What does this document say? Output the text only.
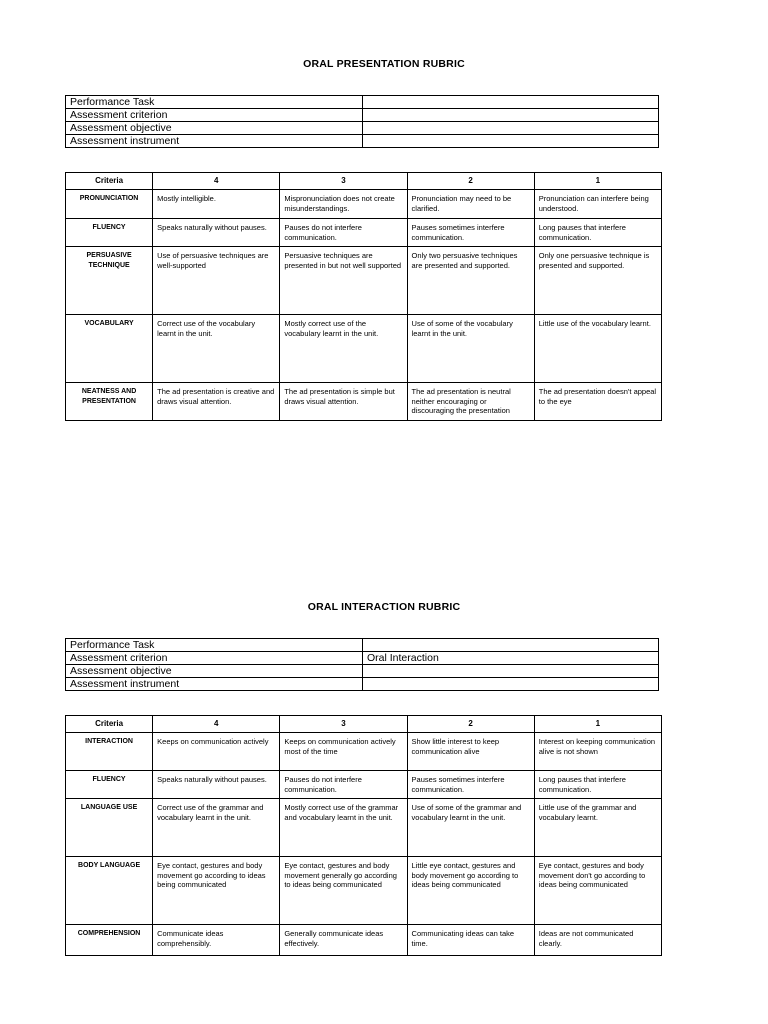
ORAL PRESENTATION RUBRIC
Performance Task	
Assessment criterion	
Assessment objective	
Assessment instrument	
Criteria	4	3	2	1
PRONUNCIATION	Mostly intelligible.	Mispronunciation does not create misunderstandings.	Pronunciation may need to be clarified.	Pronunciation can interfere being understood.
FLUENCY	Speaks naturally without pauses.	Pauses do not interfere communication.	Pauses sometimes interfere communication.	Long pauses that interfere communication.
PERSUASIVE TECHNIQUE	Use of persuasive techniques are well-supported	Persuasive techniques are presented in but not well supported	Only two persuasive techniques are presented and supported.	Only one persuasive technique is presented and supported.
VOCABULARY	Correct use of the vocabulary learnt in the unit.	Mostly correct use of the vocabulary learnt in the unit.	Use of some of the vocabulary learnt in the unit.	Little use of the vocabulary learnt.
NEATNESS AND PRESENTATION	The ad presentation is creative and draws visual attention.	The ad presentation is simple but draws visual attention.	The ad presentation is neutral neither encouraging or discouraging the presentation	The ad presentation doesn't appeal to the eye
ORAL INTERACTION RUBRIC
Performance Task	
Assessment criterion	Oral Interaction
Assessment objective	
Assessment instrument	
Criteria	4	3	2	1
INTERACTION	Keeps on communication actively	Keeps on communication actively most of the time	Show little interest to keep communication alive	Interest on keeping communication alive is not shown
FLUENCY	Speaks naturally without pauses.	Pauses do not interfere communication.	Pauses sometimes interfere communication.	Long pauses that interfere communication.
LANGUAGE USE	Correct use of the grammar and vocabulary learnt in the unit.	Mostly correct use of the grammar and vocabulary learnt in the unit.	Use of some of the grammar and vocabulary learnt in the unit.	Little use of the grammar and vocabulary learnt.
BODY LANGUAGE	Eye contact, gestures and body movement go according to ideas being communicated	Eye contact, gestures and body movement generally go according to ideas being communicated	Little eye contact, gestures and body movement go according to ideas being communicated	Eye contact, gestures and body movement don't go according to ideas being communicated
COMPREHENSION	Communicate ideas comprehensibly.	Generally communicate ideas effectively.	Communicating ideas can take time.	Ideas are not communicated clearly.
